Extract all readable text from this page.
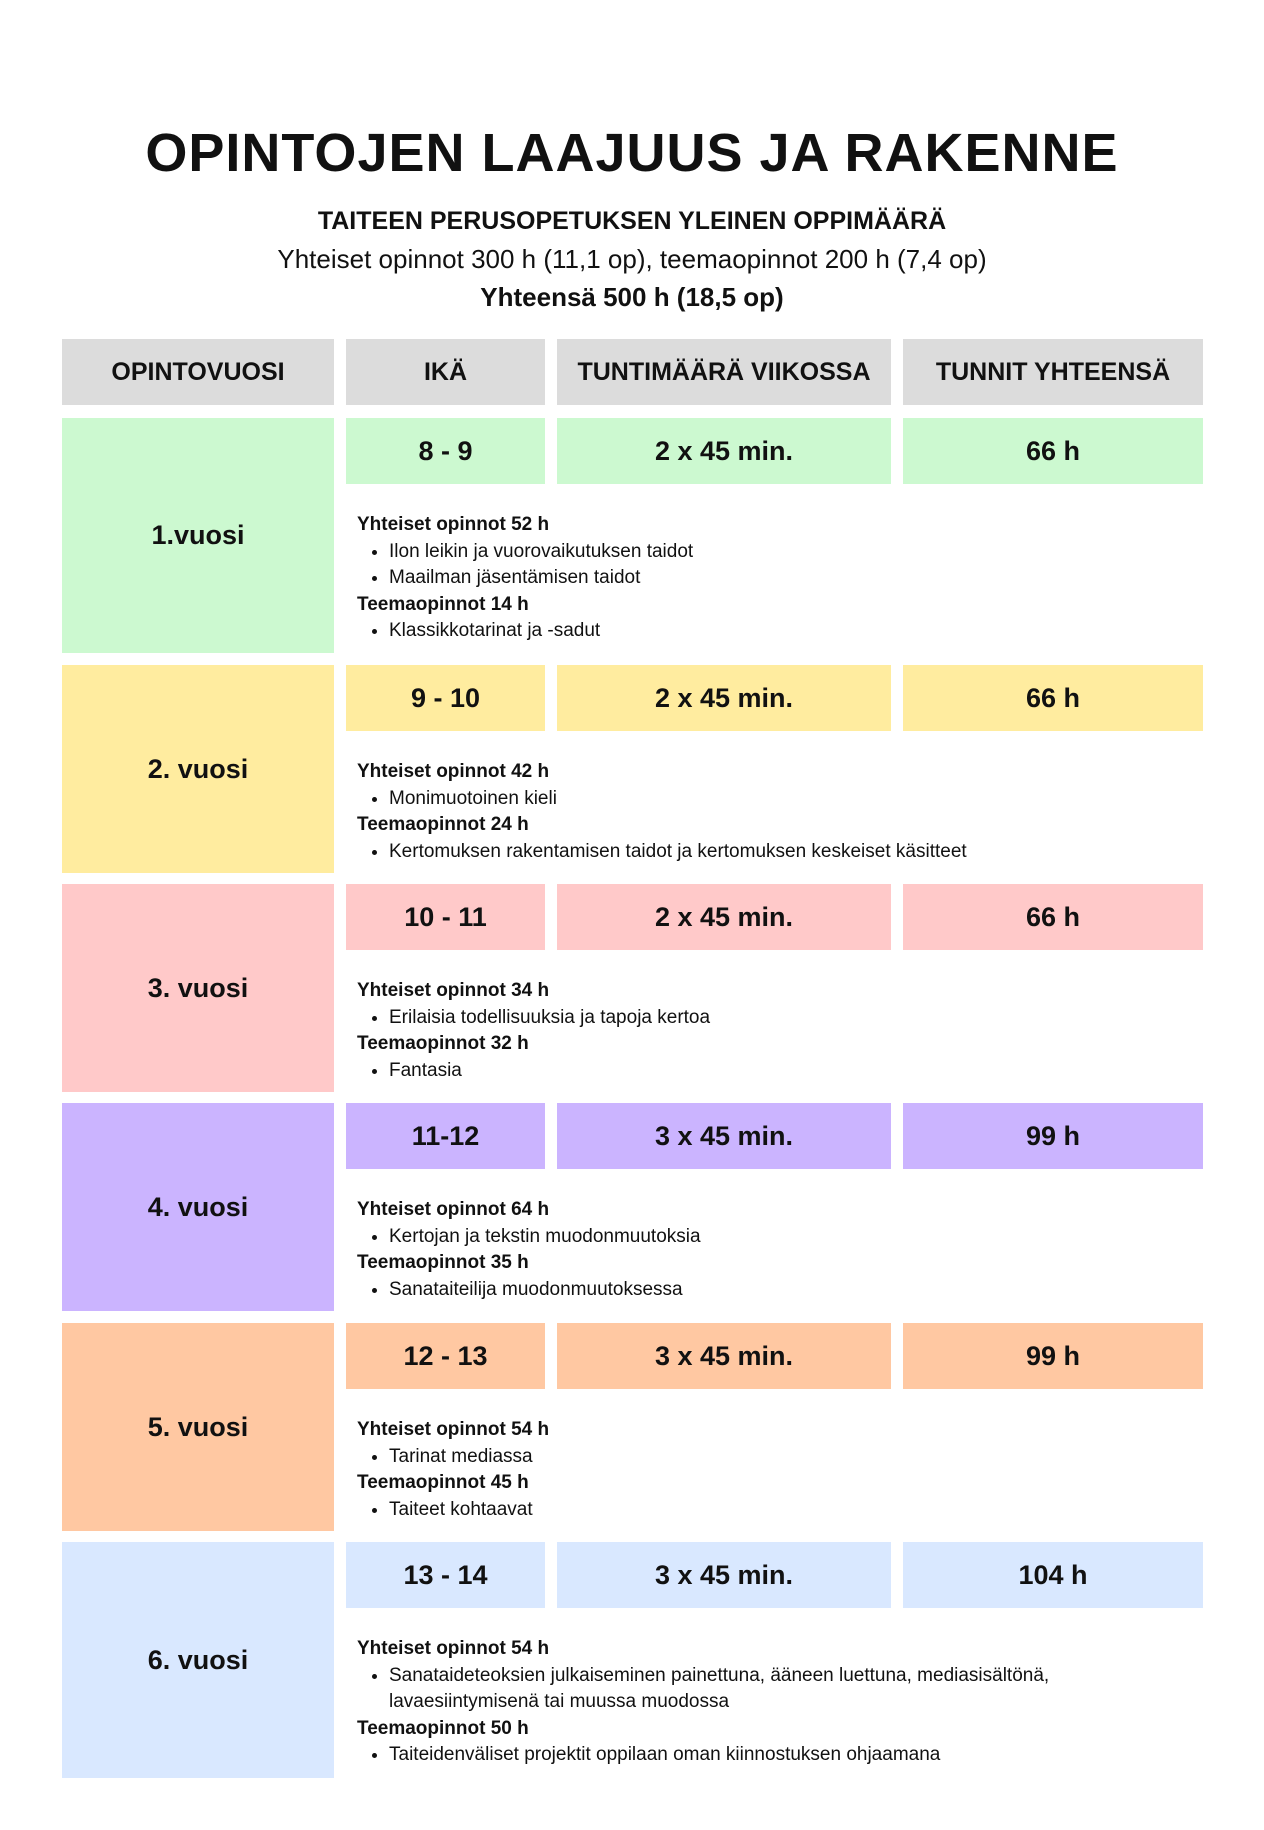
OPINTOJEN LAAJUUS JA RAKENNE
TAITEEN PERUSOPETUKSEN YLEINEN OPPIMÄÄRÄ
Yhteiset opinnot 300 h (11,1 op), teemaopinnot 200 h (7,4 op)
Yhteensä 500 h (18,5 op)
OPINTOVUOSI	IKÄ	TUNTIMÄÄRÄ VIIKOSSA	TUNNIT YHTEENSÄ
1.vuosi
8 - 9	2 x 45 min.	66 h
Yhteiset opinnot 52 h
• Ilon leikin ja vuorovaikutuksen taidot
• Maailman jäsentämisen taidot
Teemaopinnot 14 h
• Klassikkotarinat ja -sadut
2. vuosi
9 - 10	2 x 45 min.	66 h
Yhteiset opinnot 42 h
• Monimuotoinen kieli
Teemaopinnot 24 h
• Kertomuksen rakentamisen taidot ja kertomuksen keskeiset käsitteet
3. vuosi
10 - 11	2 x 45 min.	66 h
Yhteiset opinnot 34 h
• Erilaisia todellisuuksia ja tapoja kertoa
Teemaopinnot 32 h
• Fantasia
4. vuosi
11-12	3 x 45 min.	99 h
Yhteiset opinnot 64 h
• Kertojan ja tekstin muodonmuutoksia
Teemaopinnot 35 h
• Sanataiteilija muodonmuutoksessa
5. vuosi
12 - 13	3 x 45 min.	99 h
Yhteiset opinnot 54 h
• Tarinat mediassa
Teemaopinnot 45 h
• Taiteet kohtaavat
6. vuosi
13 - 14	3 x 45 min.	104 h
Yhteiset opinnot 54 h
• Sanataideteoksien julkaiseminen painettuna, ääneen luettuna, mediasisältönä, lavaesiintymisenä tai muussa muodossa
Teemaopinnot 50 h
• Taiteidenväliset projektit oppilaan oman kiinnostuksen ohjaamana
